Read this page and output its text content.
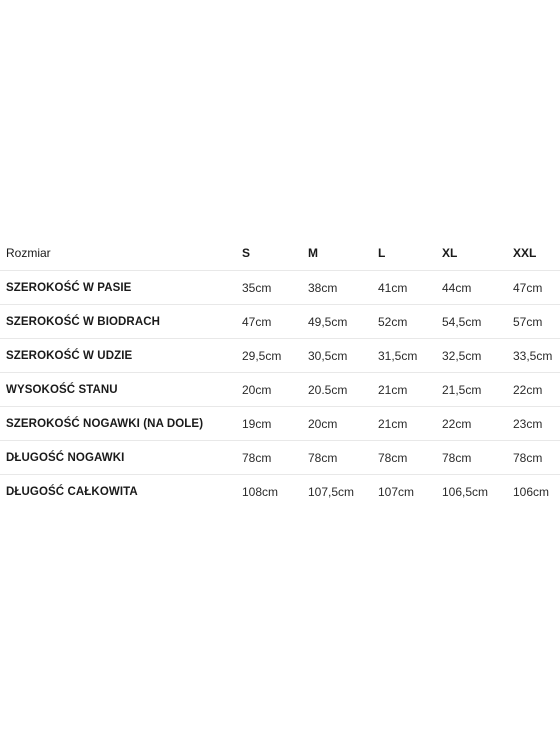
Rozmiar	S	M	L	XL	XXL
SZEROKOŚĆ W PASIE	35cm	38cm	41cm	44cm	47cm
SZEROKOŚĆ W BIODRACH	47cm	49,5cm	52cm	54,5cm	57cm
SZEROKOŚĆ W UDZIE	29,5cm	30,5cm	31,5cm	32,5cm	33,5cm
WYSOKOŚĆ STANU	20cm	20.5cm	21cm	21,5cm	22cm
SZEROKOŚĆ NOGAWKI (NA DOLE)	19cm	20cm	21cm	22cm	23cm
DŁUGOŚĆ NOGAWKI	78cm	78cm	78cm	78cm	78cm
DŁUGOŚĆ CAŁKOWITA	108cm	107,5cm	107cm	106,5cm	106cm
